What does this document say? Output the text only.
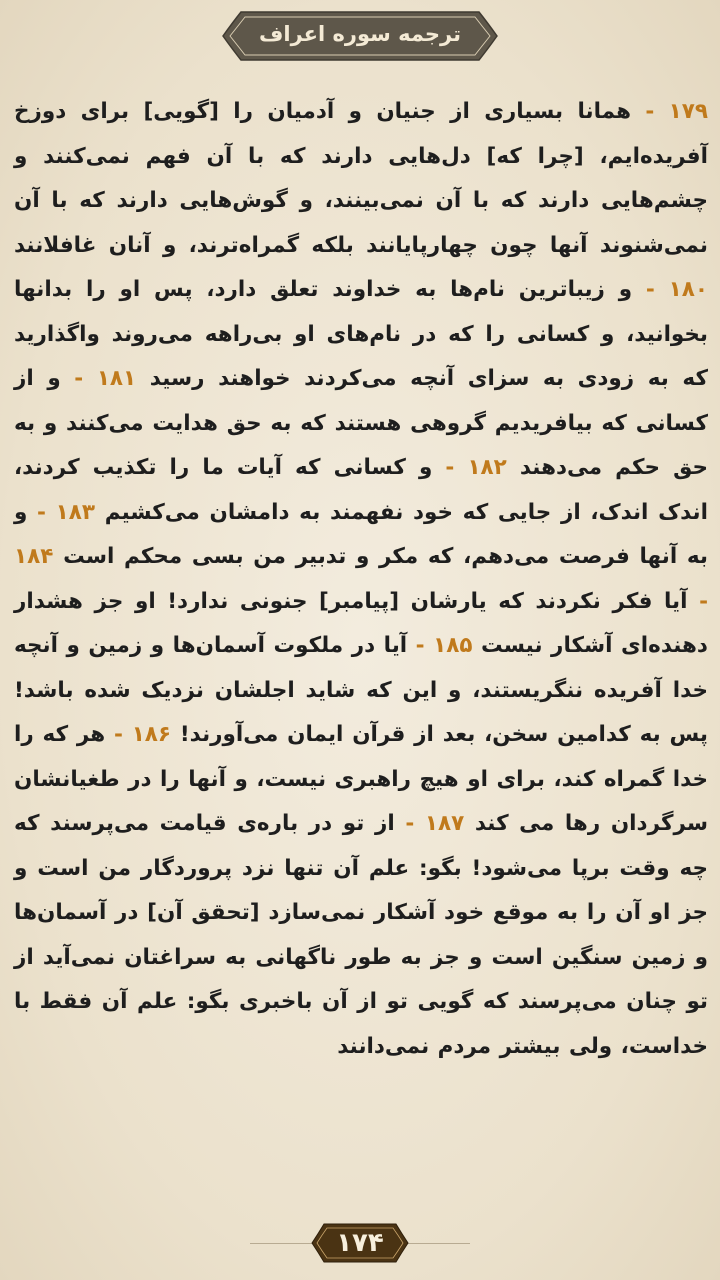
ترجمه سوره اعراف
۱۷۹ - همانا بسیاری از جنیان و آدمیان را [گویی] برای دوزخ آفریده‌ایم، [چرا که] دل‌هایی دارند که با آن فهم نمی‌کنند و چشم‌هایی دارند که با آن نمی‌بینند، و گوش‌هایی دارند که با آن نمی‌شنوند آنها چون چهارپایانند بلکه گمراه‌ترند، و آنان غافلانند ۱۸۰ - و زیباترین نام‌ها به خداوند تعلق دارد، پس او را بدانها بخوانید، و کسانی را که در نام‌های او بی‌راهه می‌روند واگذارید که به زودی به سزای آنچه می‌کردند خواهند رسید ۱۸۱ - و از کسانی که بیافریدیم گروهی هستند که به حق هدایت می‌کنند و به حق حکم می‌دهند ۱۸۲ - و کسانی که آیات ما را تکذیب کردند، اندک اندک، از جایی که خود نفهمند به دامشان می‌کشیم ۱۸۳ - و به آنها فرصت می‌دهم، که مکر و تدبیر من بسی محکم است ۱۸۴ - آیا فکر نکردند که یارشان [پیامبر] جنونی ندارد! او جز هشدار دهنده‌ای آشکار نیست ۱۸۵ - آیا در ملکوت آسمان‌ها و زمین و آنچه خدا آفریده ننگریستند، و این که شاید اجلشان نزدیک شده باشد! پس به کدامین سخن، بعد از قرآن ایمان می‌آورند! ۱۸۶ - هر که را خدا گمراه کند، برای او هیچ راهبری نیست، و آنها را در طغیانشان سرگردان رها می کند ۱۸۷ - از تو در باره‌ی قیامت می‌پرسند که چه وقت برپا می‌شود! بگو: علم آن تنها نزد پروردگار من است و جز او آن را به موقع خود آشکار نمی‌سازد [تحقق آن] در آسمان‌ها و زمین سنگین است و جز به طور ناگهانی به سراغتان نمی‌آید از تو چنان می‌پرسند که گویی تو از آن باخبری بگو: علم آن فقط با خداست، ولی بیشتر مردم نمی‌دانند
۱۷۴
